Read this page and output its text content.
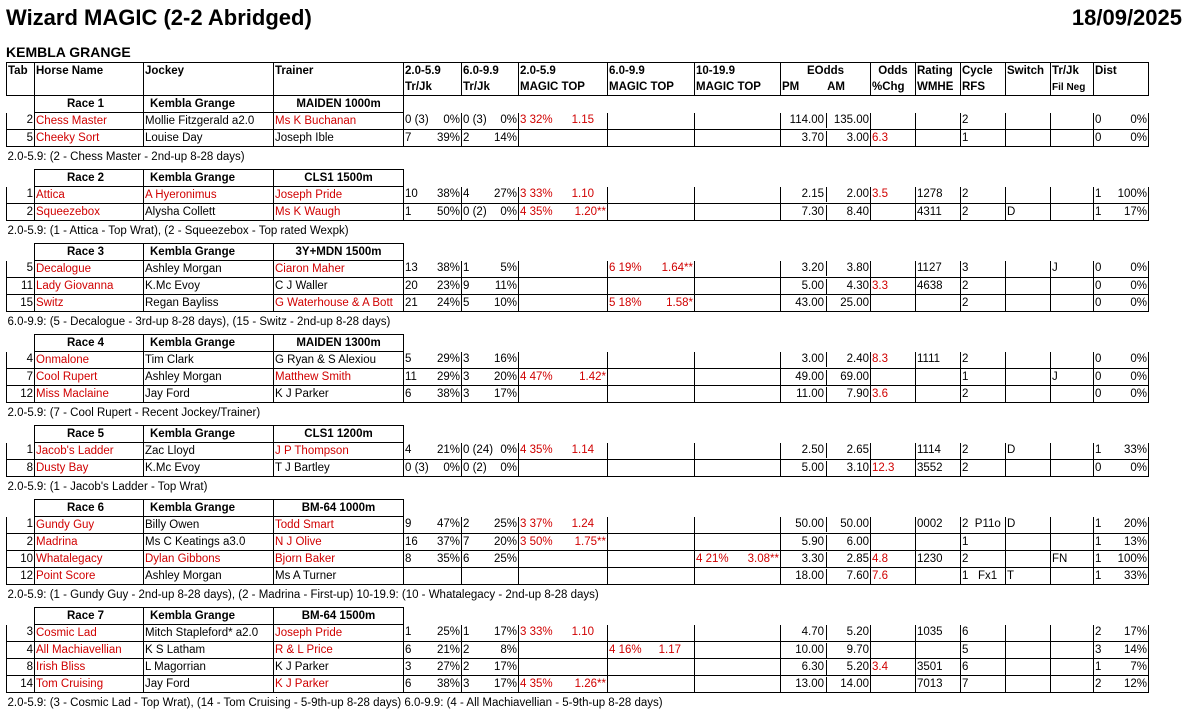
Wizard MAGIC (2-2 Abridged)	18/09/2025
KEMBLA GRANGE
Tab	Horse Name	Jockey	Trainer	2.0-5.9	6.0-9.9	2.0-5.9	6.0-9.9	10-19.9	EOdds	Odds	Rating	Cycle	Switch	Tr/Jk	Dist
				Tr/Jk	Tr/Jk	MAGIC TOP	MAGIC TOP	MAGIC TOP	PM AM	%Chg	WMHE	RFS		Fil Neg	
	Race 1	Kembla Grange	MAIDEN 1000m												
2	Chess Master	Mollie Fitzgerald a2.0	Ms K Buchanan	0 (3) 0%	0 (3) 0%	3 32% 1.15			114.00 135.00			2			0 0%

5	Cheeky Sort	Louise Day	Joseph Ible	7 39%	2 14%				3.70 3.00	6.3		1			0 0%

2.0-5.9: (2 - Chess Master - 2nd-up 8-28 days)															

	Race 2	Kembla Grange	CLS1 1500m												
1	Attica	A Hyeronimus	Joseph Pride	10 38%	4 27%	3 33% 1.10			2.15 2.00	3.5	1278	2			1 100%

2	Squeezebox	Alysha Collett	Ms K Waugh	1 50%	0 (2) 0%	4 35% 1.20**			7.30 8.40		4311	2	D		1 17%

2.0-5.9: (1 - Attica - Top Wrat), (2 - Squeezebox - Top rated Wexpk)															

	Race 3	Kembla Grange	3Y+MDN 1500m												
5	Decalogue	Ashley Morgan	Ciaron Maher	13 38%	1 5%		6 19% 1.64**		3.20 3.80		1127	3		J	0 0%

11	Lady Giovanna	K.Mc Evoy	C J Waller	20 23%	9 11%				5.00 4.30	3.3	4638	2			0 0%

15	Switz	Regan Bayliss	G Waterhouse & A Bott	21 24%	5 10%		5 18% 1.58*		43.00 25.00			2			0 0%

6.0-9.9: (5 - Decalogue - 3rd-up 8-28 days), (15 - Switz - 2nd-up 8-28 days)															

	Race 4	Kembla Grange	MAIDEN 1300m												
4	Onmalone	Tim Clark	G Ryan & S Alexiou	5 29%	3 16%				3.00 2.40	8.3	1111	2			0 0%

7	Cool Rupert	Ashley Morgan	Matthew Smith	11 29%	3 20%	4 47% 1.42*			49.00 69.00			1		J	0 0%

12	Miss Maclaine	Jay Ford	K J Parker	6 38%	3 17%				11.00 7.90	3.6		2			0 0%

2.0-5.9: (7 - Cool Rupert - Recent Jockey/Trainer)															

	Race 5	Kembla Grange	CLS1 1200m												
1	Jacob's Ladder	Zac Lloyd	J P Thompson	4 21%	0 (24) 0%	4 35% 1.14			2.50 2.65		1114	2	D		1 33%

8	Dusty Bay	K.Mc Evoy	T J Bartley	0 (3) 0%	0 (2) 0%				5.00 3.10	12.3	3552	2			0 0%

2.0-5.9: (1 - Jacob's Ladder - Top Wrat)															

	Race 6	Kembla Grange	BM-64 1000m												
1	Gundy Guy	Billy Owen	Todd Smart	9 47%	2 25%	3 37% 1.24			50.00 50.00		0002	2  P11o	D		1 20%

2	Madrina	Ms C Keatings a3.0	N J Olive	16 37%	7 20%	3 50% 1.75**			5.90 6.00			1			1 13%

10	Whatalegacy	Dylan Gibbons	Bjorn Baker	8 35%	6 25%			4 21% 3.08**	3.30 2.85	4.8	1230	2		FN	1 100%

12	Point Score	Ashley Morgan	Ms A Turner						18.00 7.60	7.6		1   Fx1	T		1 33%

2.0-5.9: (1 - Gundy Guy - 2nd-up 8-28 days), (2 - Madrina - First-up) 10-19.9: (10 - Whatalegacy - 2nd-up 8-28 days)															

	Race 7	Kembla Grange	BM-64 1500m												
3	Cosmic Lad	Mitch Stapleford* a2.0	Joseph Pride	1 25%	1 17%	3 33% 1.10			4.70 5.20		1035	6			2 17%

4	All Machiavellian	K S Latham	R & L Price	6 21%	2 8%		4 16% 1.17		10.00 9.70			5			3 14%

8	Irish Bliss	L Magorrian	K J Parker	3 27%	2 17%				6.30 5.20	3.4	3501	6			1 7%

14	Tom Cruising	Jay Ford	K J Parker	6 38%	3 17%	4 35% 1.26**			13.00 14.00		7013	7			2 12%

2.0-5.9: (3 - Cosmic Lad - Top Wrat), (14 - Tom Cruising - 5-9th-up 8-28 days) 6.0-9.9: (4 - All Machiavellian - 5-9th-up 8-28 days)															
